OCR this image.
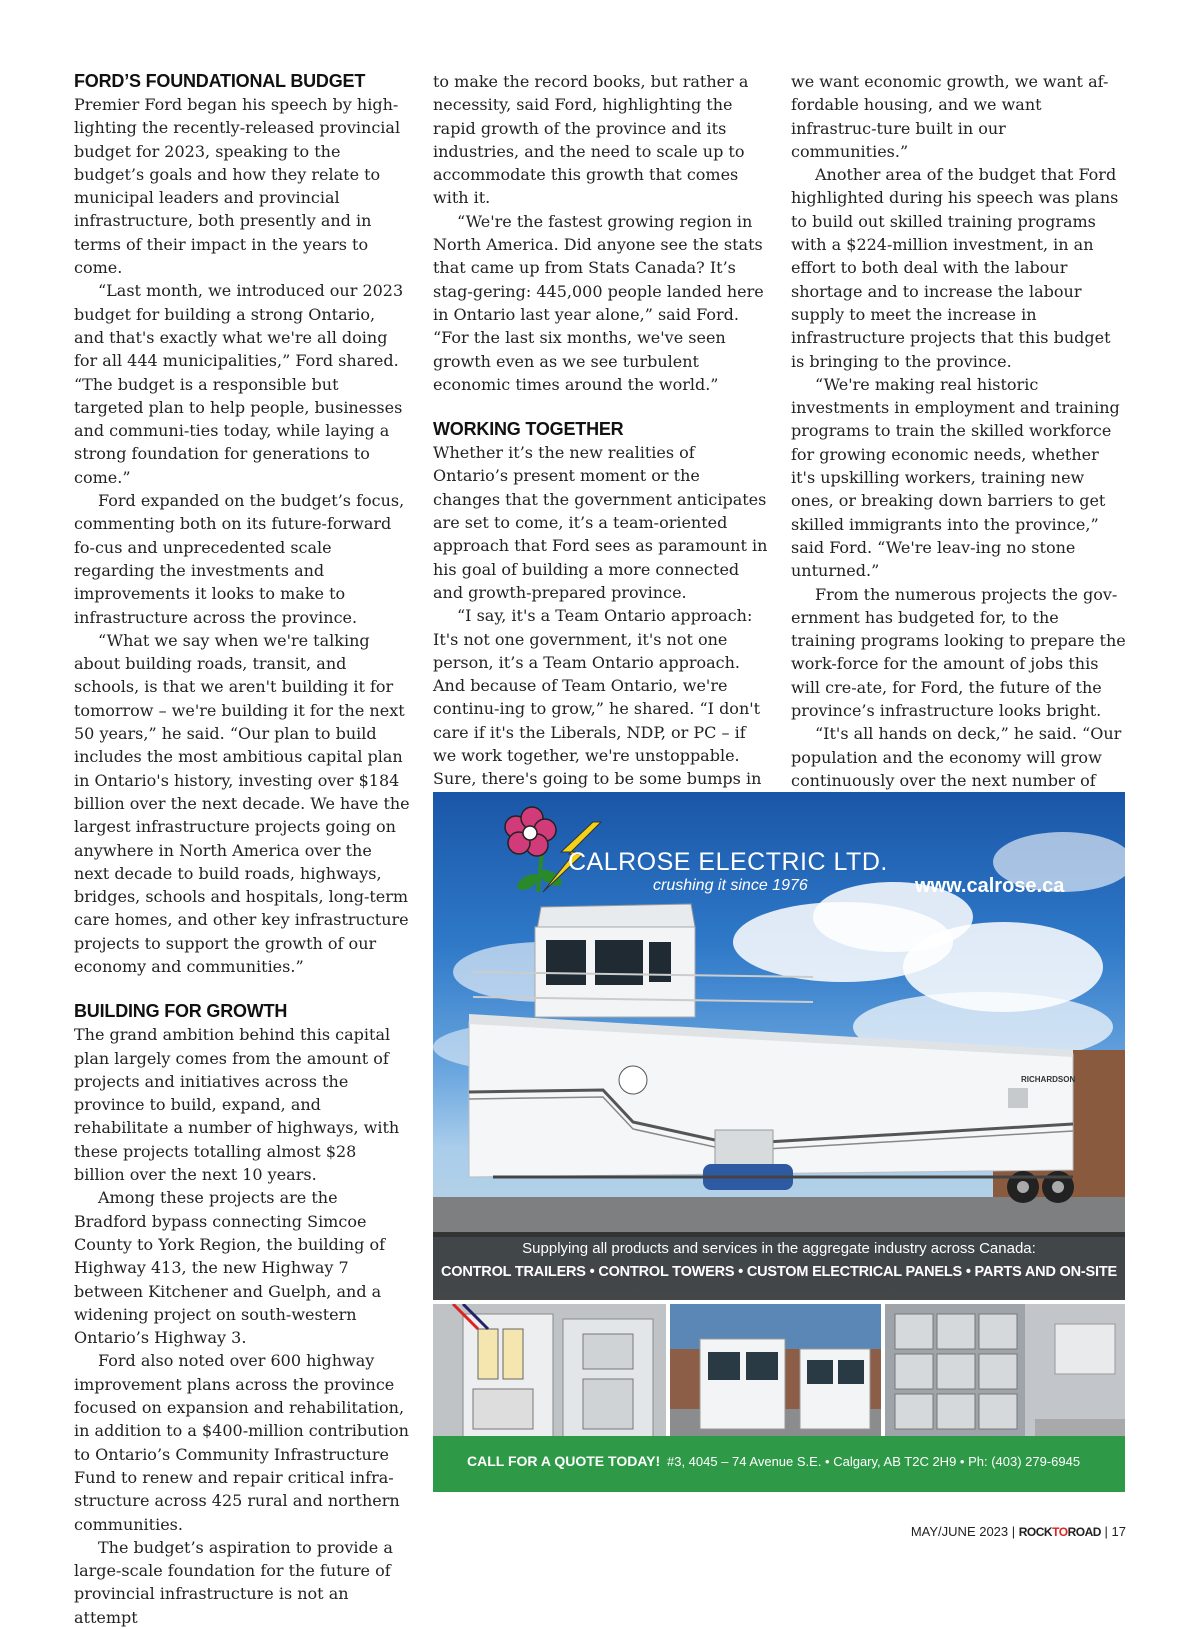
FORD’S FOUNDATIONAL BUDGET

Premier Ford began his speech by high-lighting the recently-released provincial budget for 2023, speaking to the budget’s goals and how they relate to municipal leaders and provincial infrastructure, both presently and in terms of their impact in the years to come.

“Last month, we introduced our 2023 budget for building a strong Ontario, and that's exactly what we're all doing for all 444 municipalities,” Ford shared. “The budget is a responsible but targeted plan to help people, businesses and communi-ties today, while laying a strong foundation for generations to come.”

Ford expanded on the budget’s focus, commenting both on its future-forward fo-cus and unprecedented scale regarding the investments and improvements it looks to make to infrastructure across the province.

“What we say when we're talking about building roads, transit, and schools, is that we aren't building it for tomorrow – we're building it for the next 50 years,” he said. “Our plan to build includes the most ambitious capital plan in Ontario's history, investing over $184 billion over the next decade. We have the largest infrastructure projects going on anywhere in North America over the next decade to build roads, highways, bridges, schools and hospitals, long-term care homes, and other key infrastructure projects to support the growth of our economy and communities.”

BUILDING FOR GROWTH

The grand ambition behind this capital plan largely comes from the amount of projects and initiatives across the province to build, expand, and rehabilitate a number of highways, with these projects totalling almost $28 billion over the next 10 years.

Among these projects are the Bradford bypass connecting Simcoe County to York Region, the building of Highway 413, the new Highway 7 between Kitchener and Guelph, and a widening project on south-western Ontario’s Highway 3.

Ford also noted over 600 highway improvement plans across the province focused on expansion and rehabilitation, in addition to a $400-million contribution to Ontario’s Community Infrastructure Fund to renew and repair critical infra-structure across 425 rural and northern communities.

The budget’s aspiration to provide a large-scale foundation for the future of provincial infrastructure is not an attempt

to make the record books, but rather a necessity, said Ford, highlighting the rapid growth of the province and its industries, and the need to scale up to accommodate this growth that comes with it.

“We're the fastest growing region in North America. Did anyone see the stats that came up from Stats Canada? It’s stag-gering: 445,000 people landed here in Ontario last year alone,” said Ford. “For the last six months, we've seen growth even as we see turbulent economic times around the world.”

WORKING TOGETHER

Whether it’s the new realities of Ontario’s present moment or the changes that the government anticipates are set to come, it’s a team-oriented approach that Ford sees as paramount in his goal of building a more connected and growth-prepared province.

“I say, it's a Team Ontario approach: It's not one government, it's not one person, it’s a Team Ontario approach. And because of Team Ontario, we're continu-ing to grow,” he shared. “I don't care if it's the Liberals, NDP, or PC – if we work together, we're unstoppable. Sure, there's going to be some bumps in

we want economic growth, we want af-fordable housing, and we want infrastruc-ture built in our communities.”

Another area of the budget that Ford highlighted during his speech was plans to build out skilled training programs with a $224-million investment, in an effort to both deal with the labour shortage and to increase the labour supply to meet the increase in infrastructure projects that this budget is bringing to the province.

“We're making real historic investments in employment and training programs to train the skilled workforce for growing economic needs, whether it's upskilling workers, training new ones, or breaking down barriers to get skilled immigrants into the province,” said Ford. “We're leav-ing no stone unturned.”

From the numerous projects the gov-ernment has budgeted for, to the training programs looking to prepare the work-force for the amount of jobs this will cre-ate, for Ford, the future of the province’s infrastructure looks bright.

“It's all hands on deck,” he said. “Our population and the economy will grow continuously over the next number of

RICHARDSON
CALROSE ELECTRIC LTD.
crushing it since 1976	www.calrose.ca
Supplying all products and services in the aggregate industry across Canada:
CONTROL TRAILERS • CONTROL TOWERS • CUSTOM ELECTRICAL PANELS • PARTS AND ON-SITE
CALL FOR A QUOTE TODAY! #3, 4045 – 74 Avenue S.E. • Calgary, AB T2C 2H9 • Ph: (403) 279-6945
MAY/JUNE 2023 | ROCKTOROAD | 17
